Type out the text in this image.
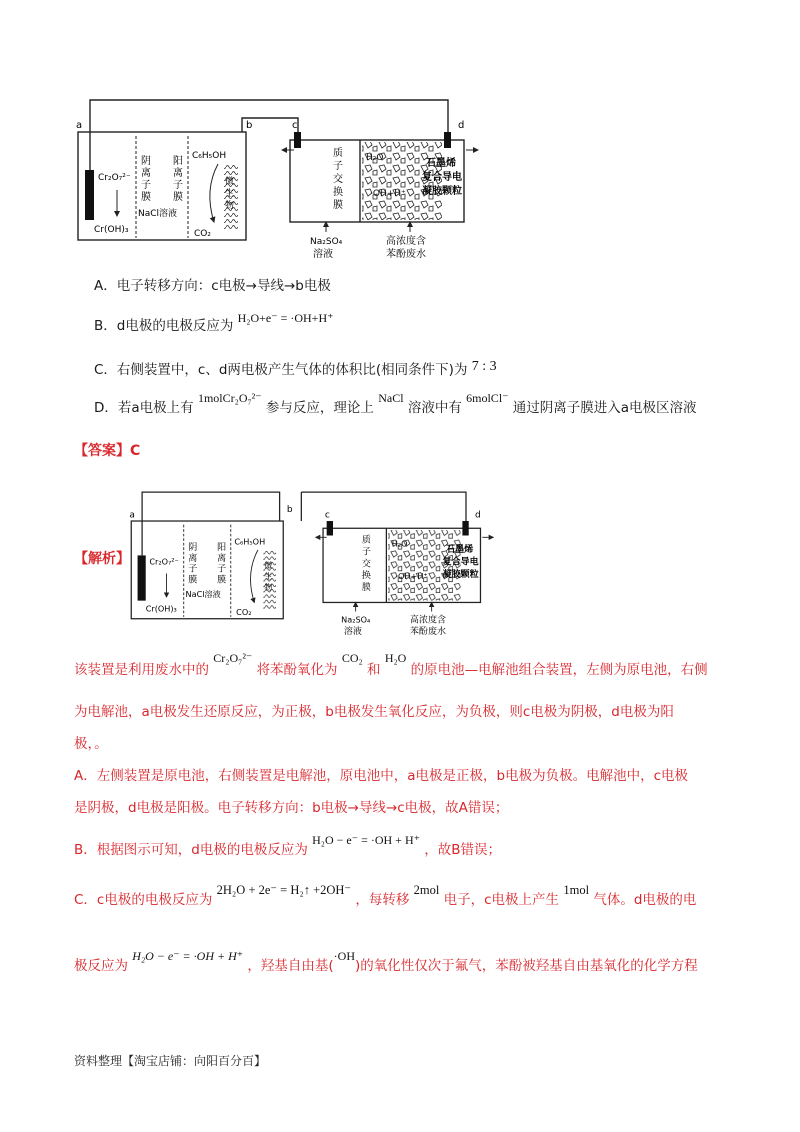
a	b	c	d
Cr₂O₇²⁻
Cr(OH)₃
阴
离
子
膜
阳
离
子
膜
NaCl溶液
C₆H₅OH
微
生
物
CO₂
质
子
交
换
膜
H₂O
·OH+H⁺
石墨烯
复合导电
凝胶颗粒
Na₂SO₄
溶液
高浓度含
苯酚废水
A．电子转移方向：c电极→导线→b电极
B．d电极的电极反应为 H₂O+e⁻ = ·OH+H⁺
C．右侧装置中，c、d两电极产生气体的体积比(相同条件下)为 7 : 3
D．若a电极上有 1molCr₂O₇²⁻ 参与反应，理论上 NaCl 溶液中有 6molCl⁻ 通过阴离子膜进入a电极区溶液
【答案】C
【解析】
a
b
c	d
Cr₂O₇²⁻
Cr(OH)₃
阴
离
子
膜
阳
离
子
膜
NaCl溶液
C₆H₅OH
微
生
物
CO₂
质
子
交
换
膜
H₂O
·OH+H⁺
石墨烯
复合导电
凝胶颗粒
Na₂SO₄
溶液
高浓度含
苯酚废水
该装置是利用废水中的 Cr₂O₇²⁻ 将苯酚氧化为 CO₂ 和 H₂O 的原电池—电解池组合装置，左侧为原电池，右侧
为电解池，a电极发生还原反应，为正极，b电极发生氧化反应，为负极，则c电极为阴极，d电极为阳
极，。
A．左侧装置是原电池，右侧装置是电解池，原电池中，a电极是正极，b电极为负极。电解池中，c电极
是阴极，d电极是阳极。电子转移方向：b电极→导线→c电极，故A错误；
B．根据图示可知，d电极的电极反应为 H₂O − e⁻ = ·OH + H⁺ ，故B错误；
C．c电极的电极反应为 2H₂O + 2e⁻ = H₂↑ +2OH⁻ ，每转移 2mol 电子，c电极上产生 1mol 气体。d电极的电
极反应为 H₂O − e⁻ = ·OH + H⁺ ，羟基自由基(·OH)的氧化性仅次于氟气，苯酚被羟基自由基氧化的化学方程
资料整理【淘宝店铺：向阳百分百】
